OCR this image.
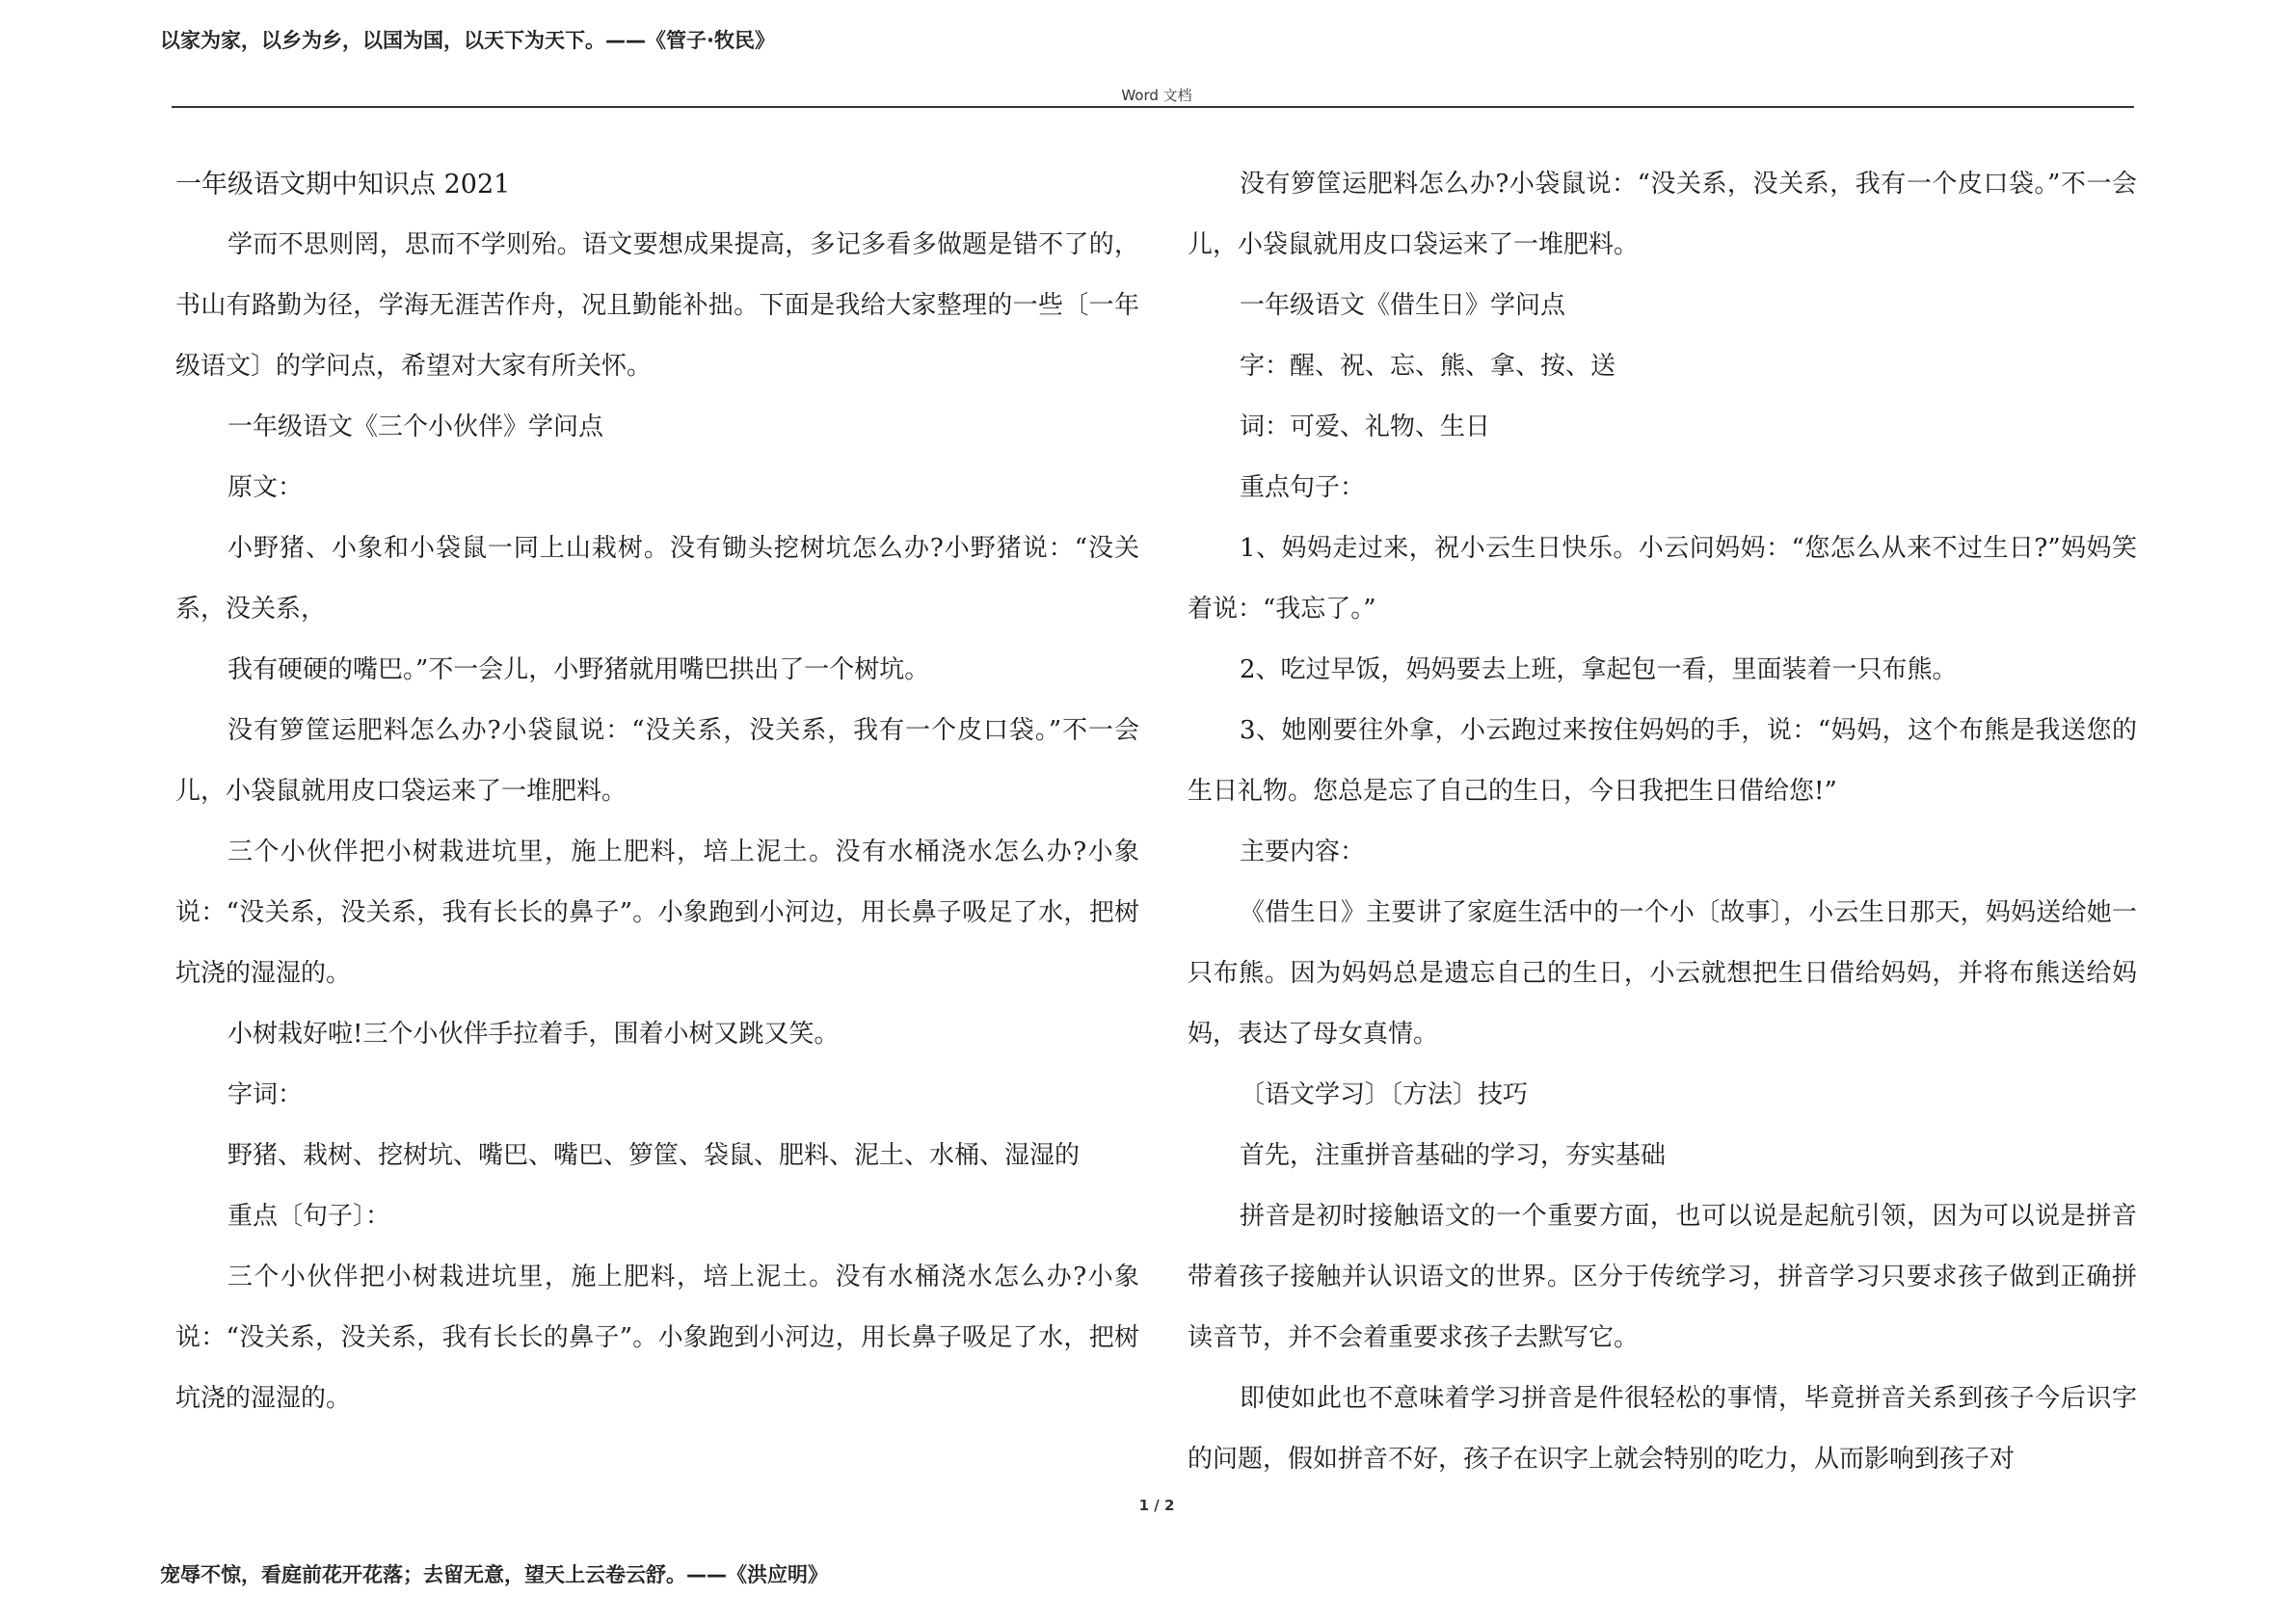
以家为家，以乡为乡，以国为国，以天下为天下。——《管子·牧民》
Word 文档

一年级语文期中知识点 2021

学而不思则罔，思而不学则殆。语文要想成果提高，多记多看多做题是错不了的，书山有路勤为径，学海无涯苦作舟，况且勤能补拙。下面是我给大家整理的一些〔一年级语文〕的学问点，希望对大家有所关怀。

一年级语文《三个小伙伴》学问点

原文：

小野猪、小象和小袋鼠一同上山栽树。没有锄头挖树坑怎么办?小野猪说：“没关系，没关系，

我有硬硬的嘴巴。”不一会儿，小野猪就用嘴巴拱出了一个树坑。

没有箩筐运肥料怎么办?小袋鼠说：“没关系，没关系，我有一个皮口袋。”不一会儿，小袋鼠就用皮口袋运来了一堆肥料。

三个小伙伴把小树栽进坑里，施上肥料，培上泥土。没有水桶浇水怎么办?小象说：“没关系，没关系，我有长长的鼻子”。小象跑到小河边，用长鼻子吸足了水，把树坑浇的湿湿的。

小树栽好啦!三个小伙伴手拉着手，围着小树又跳又笑。

字词：

野猪、栽树、挖树坑、嘴巴、嘴巴、箩筐、袋鼠、肥料、泥土、水桶、湿湿的

重点〔句子〕：

三个小伙伴把小树栽进坑里，施上肥料，培上泥土。没有水桶浇水怎么办?小象说：“没关系，没关系，我有长长的鼻子”。小象跑到小河边，用长鼻子吸足了水，把树坑浇的湿湿的。

没有箩筐运肥料怎么办?小袋鼠说：“没关系，没关系，我有一个皮口袋。”不一会儿，小袋鼠就用皮口袋运来了一堆肥料。

一年级语文《借生日》学问点

字：醒、祝、忘、熊、拿、按、送

词：可爱、礼物、生日

重点句子：

1、妈妈走过来，祝小云生日快乐。小云问妈妈：“您怎么从来不过生日?”妈妈笑着说：“我忘了。”

2、吃过早饭，妈妈要去上班，拿起包一看，里面装着一只布熊。

3、她刚要往外拿，小云跑过来按住妈妈的手，说：“妈妈，这个布熊是我送您的生日礼物。您总是忘了自己的生日，今日我把生日借给您!”

主要内容：

《借生日》主要讲了家庭生活中的一个小〔故事〕，小云生日那天，妈妈送给她一只布熊。因为妈妈总是遗忘自己的生日，小云就想把生日借给妈妈，并将布熊送给妈妈，表达了母女真情。

〔语文学习〕〔方法〕技巧

首先，注重拼音基础的学习，夯实基础

拼音是初时接触语文的一个重要方面，也可以说是起航引领，因为可以说是拼音带着孩子接触并认识语文的世界。区分于传统学习，拼音学习只要求孩子做到正确拼读音节，并不会着重要求孩子去默写它。

即使如此也不意味着学习拼音是件很轻松的事情，毕竟拼音关系到孩子今后识字的问题，假如拼音不好，孩子在识字上就会特别的吃力，从而影响到孩子对

1 / 2
宠辱不惊，看庭前花开花落；去留无意，望天上云卷云舒。——《洪应明》
